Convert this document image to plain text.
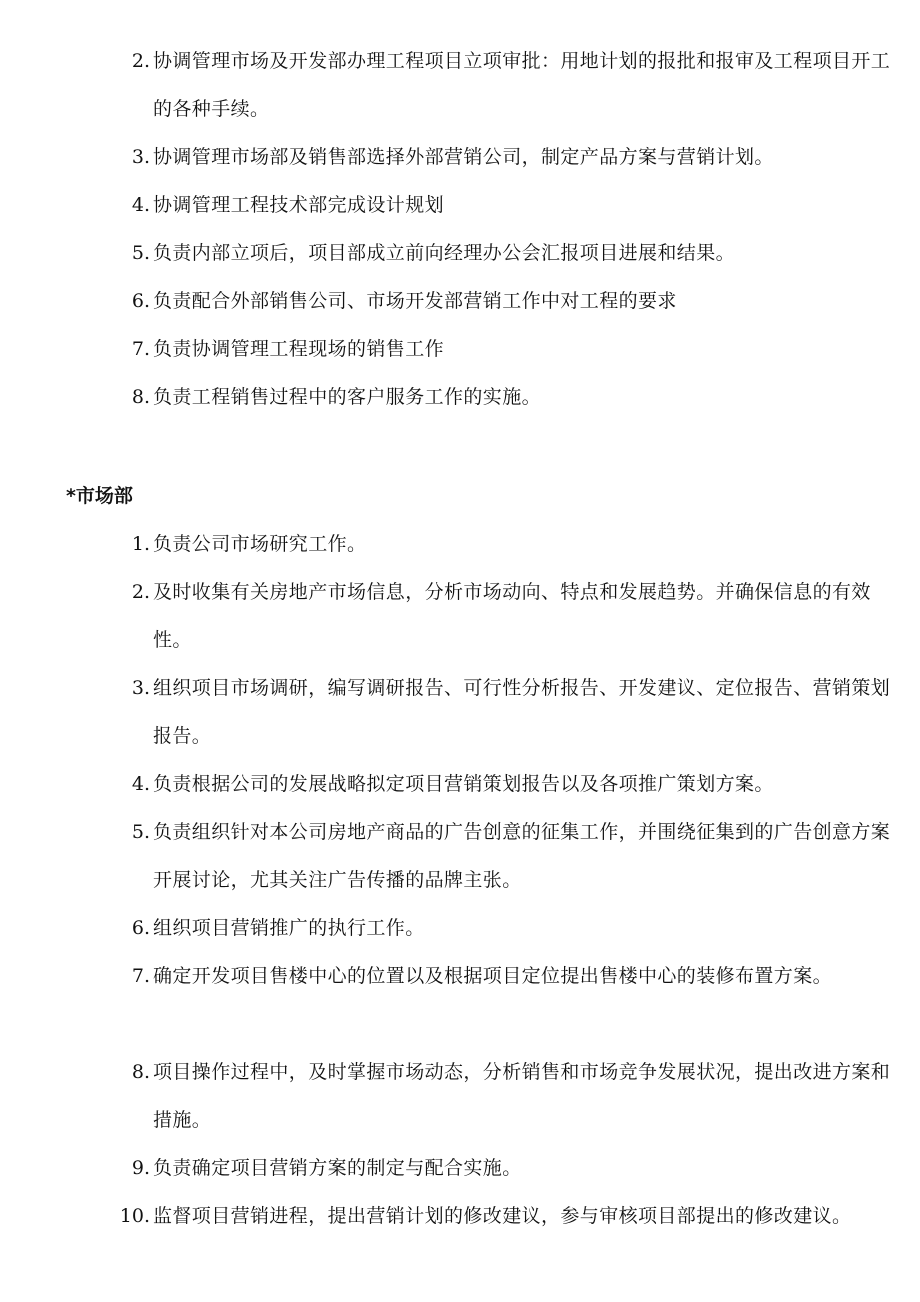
2. 协调管理市场及开发部办理工程项目立项审批：用地计划的报批和报审及工程项目开工的各种手续。
3. 协调管理市场部及销售部选择外部营销公司，制定产品方案与营销计划。
4. 协调管理工程技术部完成设计规划
5. 负责内部立项后，项目部成立前向经理办公会汇报项目进展和结果。
6. 负责配合外部销售公司、市场开发部营销工作中对工程的要求
7. 负责协调管理工程现场的销售工作
8. 负责工程销售过程中的客户服务工作的实施。
*市场部
1. 负责公司市场研究工作。
2. 及时收集有关房地产市场信息，分析市场动向、特点和发展趋势。并确保信息的有效性。
3. 组织项目市场调研，编写调研报告、可行性分析报告、开发建议、定位报告、营销策划报告。
4. 负责根据公司的发展战略拟定项目营销策划报告以及各项推广策划方案。
5. 负责组织针对本公司房地产商品的广告创意的征集工作，并围绕征集到的广告创意方案开展讨论，尤其关注广告传播的品牌主张。
6. 组织项目营销推广的执行工作。
7. 确定开发项目售楼中心的位置以及根据项目定位提出售楼中心的装修布置方案。
8. 项目操作过程中，及时掌握市场动态，分析销售和市场竞争发展状况，提出改进方案和措施。
9. 负责确定项目营销方案的制定与配合实施。
10. 监督项目营销进程，提出营销计划的修改建议，参与审核项目部提出的修改建议。
